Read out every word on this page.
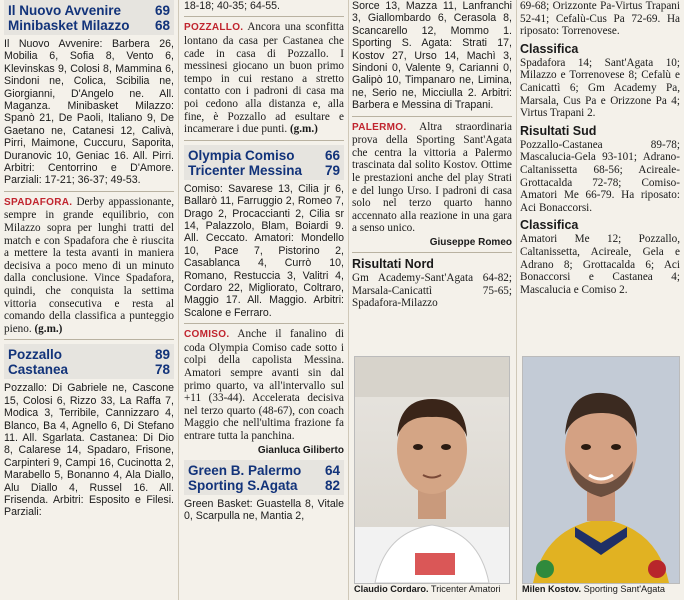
Il Nuovo Avvenire	69
Minibasket Milazzo 68

Il Nuovo Avvenire: Barbera 26, Mobilia 6, Sofia 8, Vento 6, Klevinskas 9, Colosi 8, Mammina 6, Sindoni ne, Colica, Scibilia ne, Giorgianni, D'Angelo ne. All. Maganza. Minibasket Milazzo: Spanò 21, De Paoli, Italiano 9, De Gaetano ne, Catanesi 12, Calivà, Pirri, Maimone, Cuccuru, Saporita, Duranovic 10, Geniac 16. All. Pirri. Arbitri: Centorrino e D'Amore. Parziali: 17-21; 36-37; 49-53.

SPADAFORA. Derby appassionante, sempre in grande equilibrio, con Milazzo sopra per lunghi tratti del match e con Spadafora che è riuscita a mettere la testa avanti in maniera decisiva a poco meno di un minuto dalla conclusione. Vince Spadafora, quindi, che conquista la settima vittoria consecutiva e resta al comando della classifica a punteggio pieno. (g.m.)

Pozzallo	89
Castanea	78

Pozzallo: Di Gabriele ne, Cascone 15, Colosi 6, Rizzo 33, La Raffa 7, Modica 3, Terribile, Cannizzaro 4, Blanco, Ba 4, Agnello 6, Di Stefano 11. All. Sgarlata. Castanea: Di Dio 8, Calarese 14, Spadaro, Frisone, Carpinteri 9, Campi 16, Cucinotta 2, Marabello 5, Bonanno 4, Ala Diallo, Alu Diallo 4, Russel 16. All. Frisenda. Arbitri: Esposito e Filesi. Parziali:

18-18; 40-35; 64-55.

POZZALLO. Ancora una sconfitta lontano da casa per Castanea che cade in casa di Pozzallo. I messinesi giocano un buon primo tempo in cui restano a stretto contatto con i padroni di casa ma poi cedono alla distanza e, alla fine, è Pozzallo ad esultare e incamerare i due punti. (g.m.)

Olympia Comiso 66
Tricenter Messina 79

Comiso: Savarese 13, Cilia jr 6, Ballarò 11, Farruggio 2, Romeo 7, Drago 2, Procaccianti 2, Cilia sr 14, Palazzolo, Blam, Boiardi 9. All. Ceccato. Amatori: Mondello 10, Pace 7, Pistorino 2, Casablanca 4, Currò 10, Romano, Restuccia 3, Valitri 4, Cordaro 22, Migliorato, Coltraro, Maggio 17. All. Maggio. Arbitri: Scalone e Ferraro.

COMISO. Anche il fanalino di coda Olympia Comiso cade sotto i colpi della capolista Messina. Amatori sempre avanti sin dal primo quarto, va all'intervallo sul +11 (33-44). Accelerata decisiva nel terzo quarto (48-67), con coach Maggio che nell'ultima frazione fa entrare tutta la panchina.

Gianluca Giliberto

Green B. Palermo 64
Sporting S.Agata 82

Green Basket: Guastella 8, Vitale 0, Scarpulla ne, Mantia 2,

Sorce 13, Mazza 11, Lanfranchi 3, Giallombardo 6, Cerasola 8, Scancarello 12, Mommo 1. Sporting S. Agata: Strati 17, Kostov 27, Urso 14, Machì 3, Sindoni 0, Valente 9, Carianni 0, Galipò 10, Timpanaro ne, Limina, ne, Serio ne, Micciulla 2. Arbitri: Barbera e Messina di Trapani.

PALERMO. Altra straordinaria prova della Sporting Sant'Agata che centra la vittoria a Palermo trascinata dal solito Kostov. Ottime le prestazioni anche del play Strati e del lungo Urso. I padroni di casa solo nel terzo quarto hanno accennato alla reazione in una gara a senso unico.

Giuseppe Romeo

Risultati Nord

Gm Academy-Sant'Agata 64-82; Marsala-Canicattì 75-65; Spadafora-Milazzo

69-68; Orizzonte Pa-Virtus Trapani 52-41; Cefalù-Cus Pa 72-69. Ha riposato: Torrenovese.

Classifica

Spadafora 14; Sant'Agata 10; Milazzo e Torrenovese 8; Cefalù e Canicattì 6; Gm Academy Pa, Marsala, Cus Pa e Orizzone Pa 4; Virtus Trapani 2.

Risultati Sud

Pozzallo-Castanea 89-78; Mascalucia-Gela 93-101; Adrano-Caltanissetta 68-56; Acireale-Grottacalda 72-78; Comiso-Amatori Me 66-79. Ha riposato: Aci Bonaccorsi.

Classifica

Amatori Me 12; Pozzallo, Caltanissetta, Acireale, Gela e Adrano 8; Grottacalda 6; Aci Bonaccorsi e Castanea 4; Mascalucia e Comiso 2.

Claudio Cordaro. Tricenter Amatori	Milen Kostov. Sporting Sant'Agata
